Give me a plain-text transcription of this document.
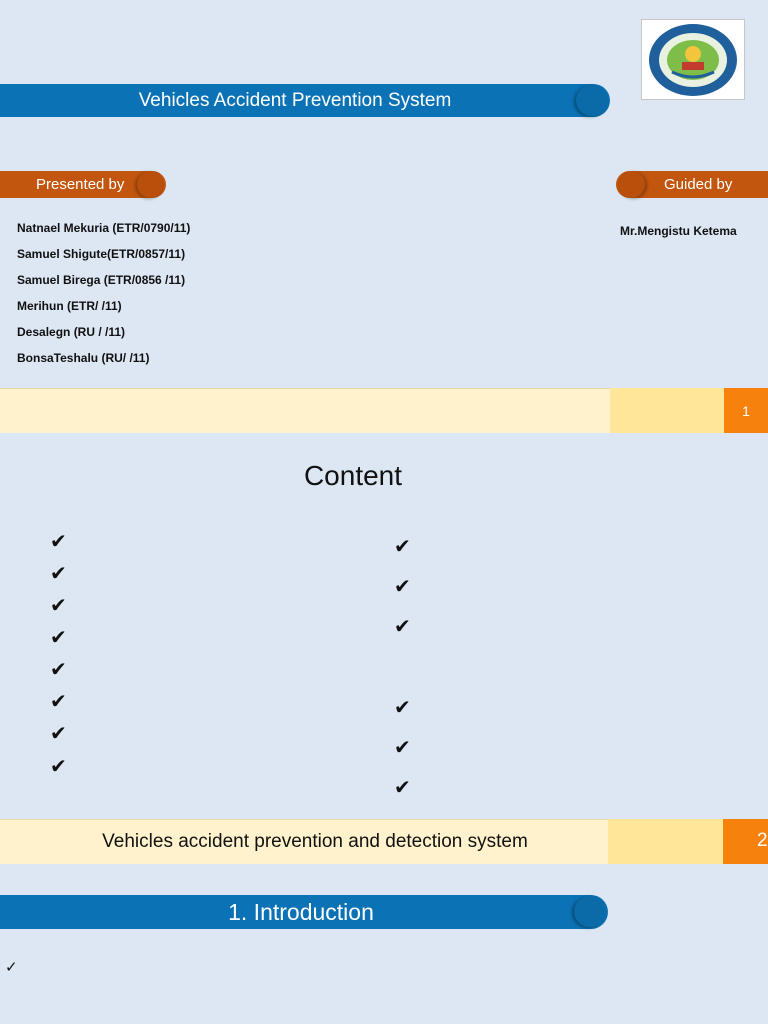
Vehicles Accident Prevention System
Presented by	Guided by
Natnael Mekuria (ETR/0790/11)
Samuel Shigute(ETR/0857/11)
Samuel Birega (ETR/0856 /11)
Merihun (ETR/ /11)
Desalegn (RU / /11)
BonsaTeshalu (RU/ /11)
Mr.Mengistu Ketema
1
Content
✔
✔
✔
✔
✔
✔
✔
✔
✔
✔
✔
✔
✔
✔
Vehicles accident prevention and detection system	2
1. Introduction
✓
